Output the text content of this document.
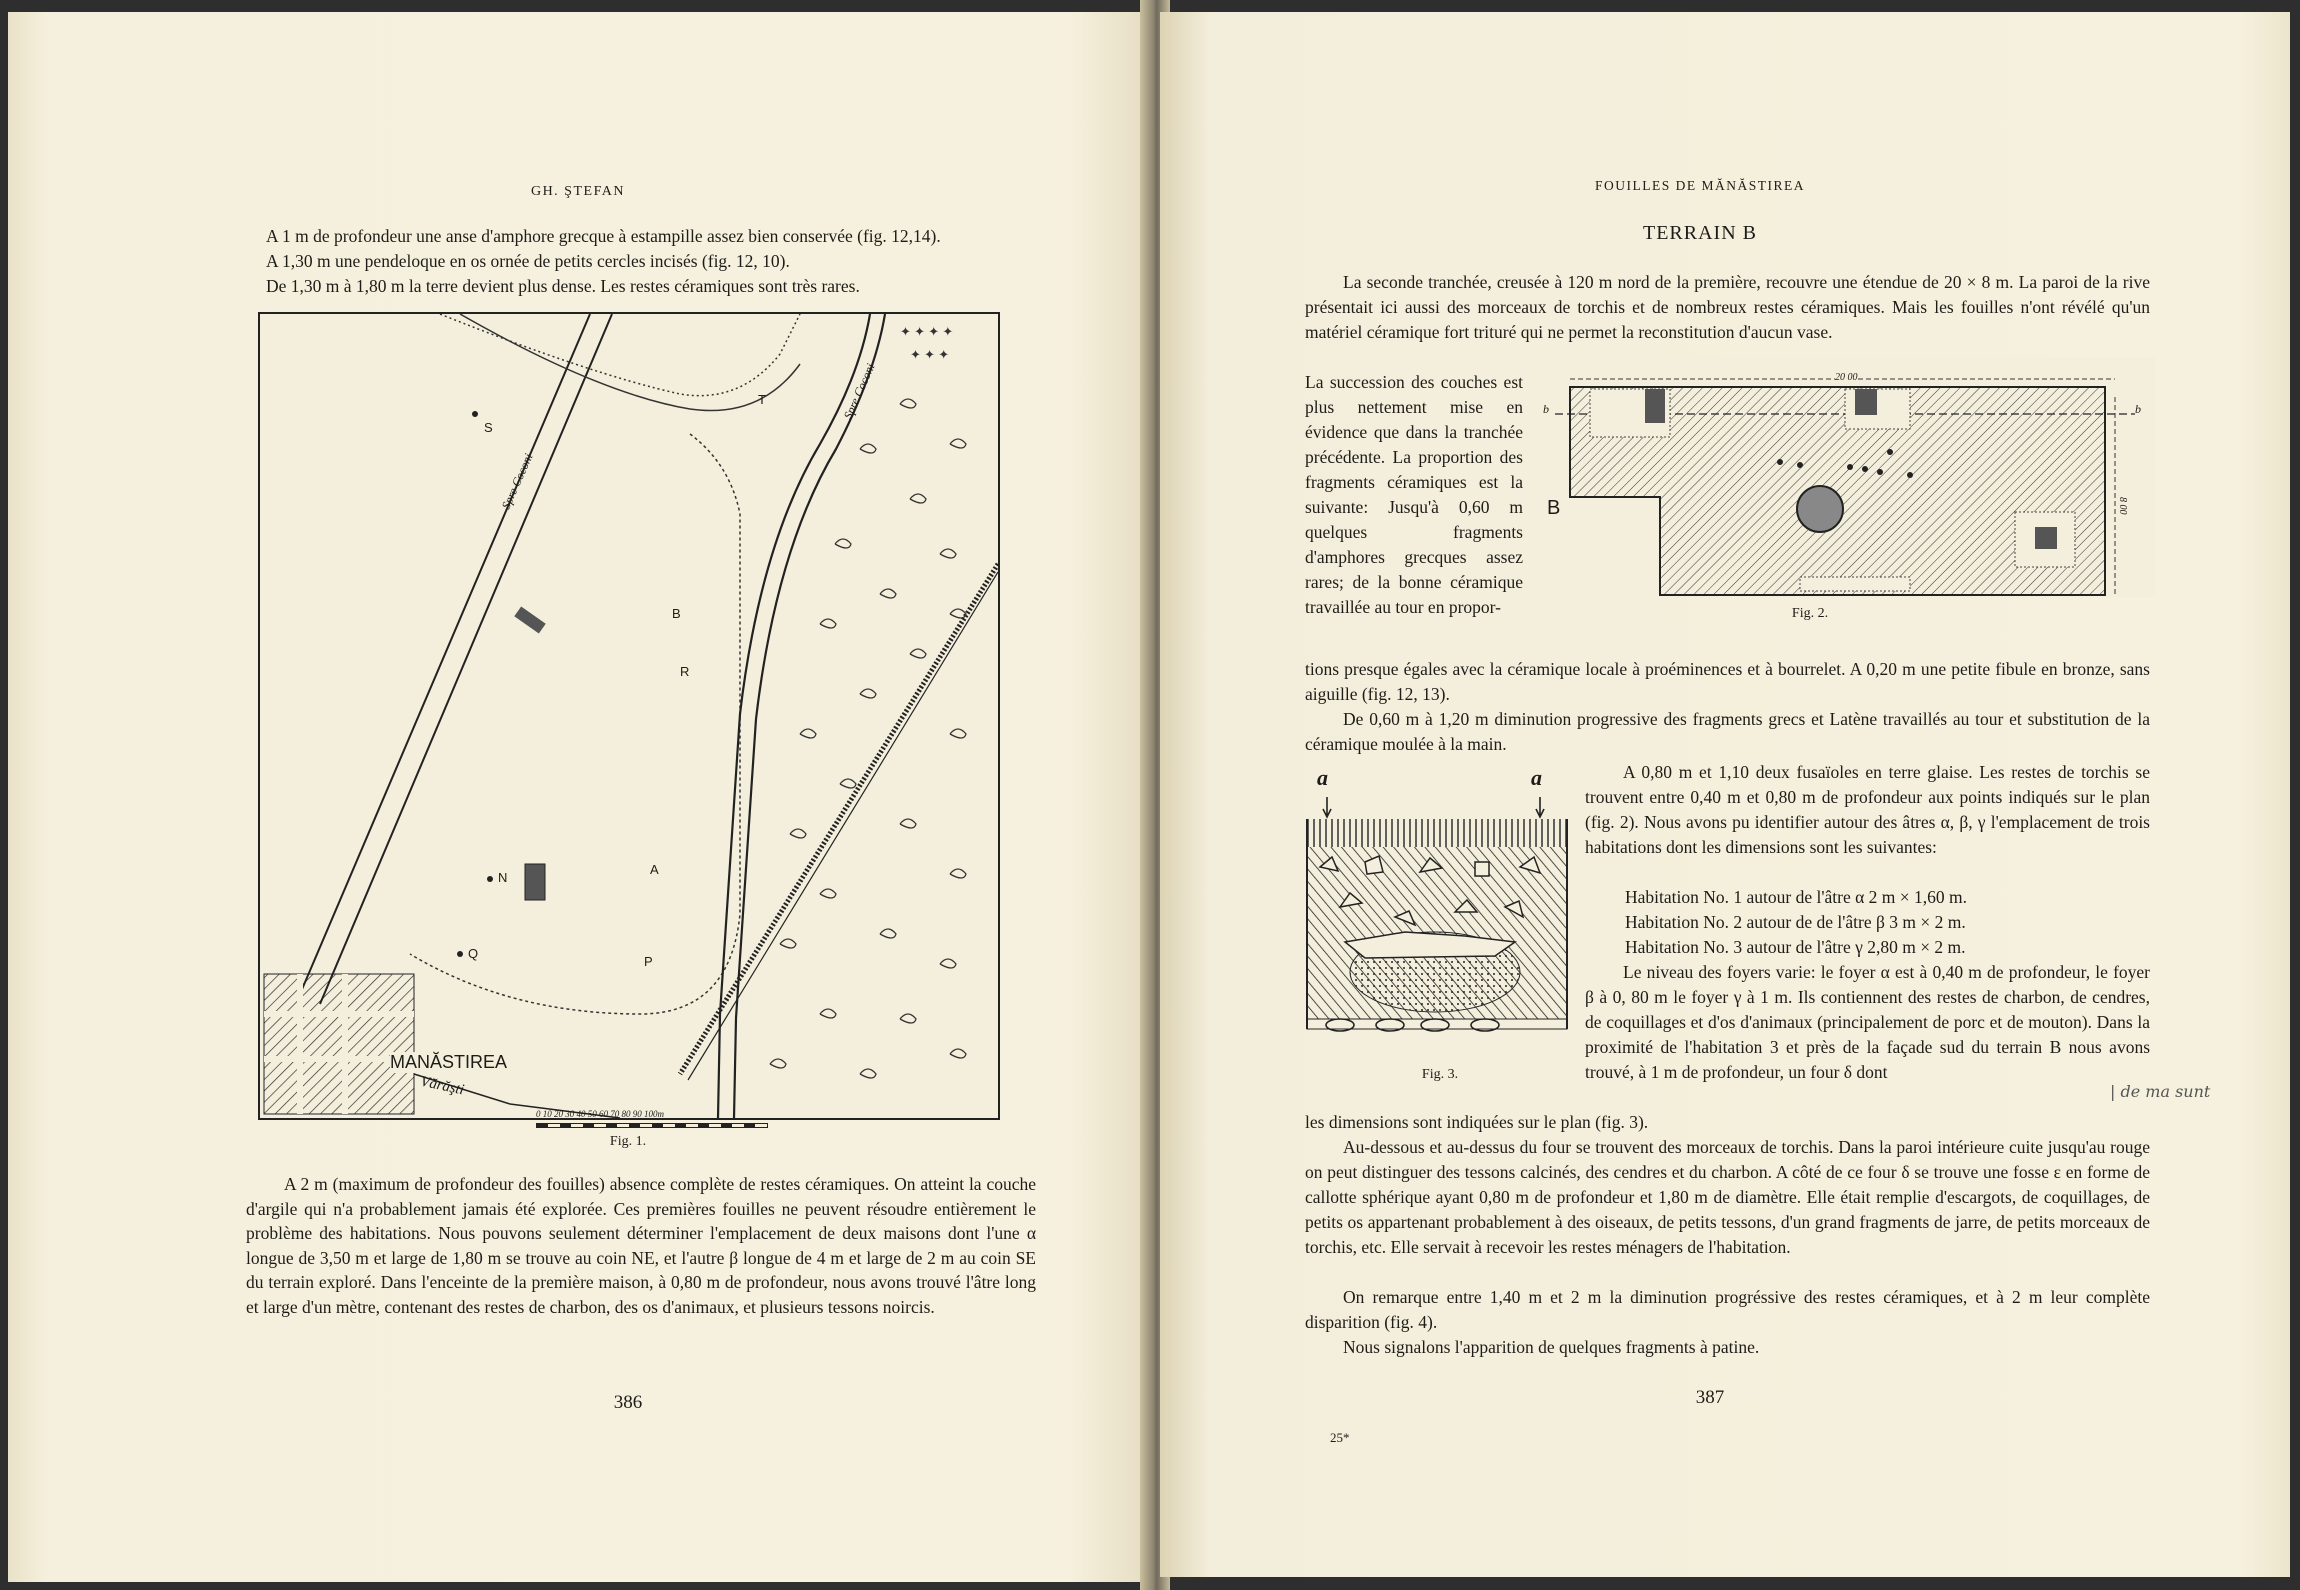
GH. ŞTEFAN

A 1 m de profondeur une anse d'amphore grecque à estampille assez bien conservée (fig. 12,14).

A 1,30 m une pendeloque en os ornée de petits cercles incisés (fig. 12, 10).

De 1,30 m à 1,80 m la terre devient plus dense. Les restes céramiques sont très rares.

✦ ✦ ✦ ✦
✦ ✦ ✦
MANĂSTIREA
Vărăşti
Spre Coconi
Spre Coconi
S
T
B
R
N
A
Q
P
0 10 20 30 40 50 60 70 80 90 100m
Fig. 1.
A 2 m (maximum de profondeur des fouilles) absence complète de restes céramiques. On atteint la couche d'argile qui n'a probablement jamais été explorée. Ces premières fouilles ne peuvent résoudre entièrement le problème des habitations. Nous pouvons seulement déterminer l'emplacement de deux maisons dont l'une α longue de 3,50 m et large de 1,80 m se trouve au coin NE, et l'autre β longue de 4 m et large de 2 m au coin SE du terrain exploré. Dans l'enceinte de la première maison, à 0,80 m de profondeur, nous avons trouvé l'âtre long et large d'un mètre, contenant des restes de charbon, des os d'animaux, et plusieurs tessons noircis.
386
FOUILLES DE MĂNĂSTIREA
TERRAIN B
La seconde tranchée, creusée à 120 m nord de la première, recouvre une étendue de 20 × 8 m. La paroi de la rive présentait ici aussi des morceaux de torchis et de nombreux restes céramiques. Mais les fouilles n'ont révélé qu'un matériel céramique fort trituré qui ne permet la reconstitution d'aucun vase.
La succession des couches est plus nettement mise en évidence que dans la tranchée précédente. La proportion des fragments céramiques est la suivante: Jusqu'à 0,60 m quelques fragments d'amphores grecques assez rares; de la bonne céramique travaillée au tour en propor-
20 00
8 00
B
b	b
Fig. 2.
tions presque égales avec la céramique locale à proéminences et à bourrelet. A 0,20 m une petite fibule en bronze, sans aiguille (fig. 12, 13).
De 0,60 m à 1,20 m diminution progressive des fragments grecs et Latène travaillés au tour et substitution de la céramique moulée à la main.
a	a
Fig. 3.
A 0,80 m et 1,10 deux fusaïoles en terre glaise. Les restes de torchis se trouvent entre 0,40 m et 0,80 m de profondeur aux points indiqués sur le plan (fig. 2). Nous avons pu identifier autour des âtres α, β, γ l'emplacement de trois habitations dont les dimensions sont les suivantes:

Habitation No. 1 autour de l'âtre α 2 m × 1,60 m.

Habitation No. 2 autour de de l'âtre β 3 m × 2 m.

Habitation No. 3 autour de l'âtre γ 2,80 m × 2 m.

Le niveau des foyers varie: le foyer α est à 0,40 m de profondeur, le foyer β à 0, 80 m le foyer γ à 1 m. Ils contiennent des restes de charbon, de cendres, de coquillages et d'os d'animaux (principalement de porc et de mouton). Dans la proximité de l'habitation 3 et près de la façade sud du terrain B nous avons trouvé, à 1 m de profondeur, un four δ dont
les dimensions sont indiquées sur le plan (fig. 3).
Au-dessous et au-dessus du four se trouvent des morceaux de torchis. Dans la paroi intérieure cuite jusqu'au rouge on peut distinguer des tessons calcinés, des cendres et du charbon. A côté de ce four δ se trouve une fosse ε en forme de callotte sphérique ayant 0,80 m de profondeur et 1,80 m de diamètre. Elle était remplie d'escargots, de coquillages, de petits os appartenant probablement à des oiseaux, de petits tessons, d'un grand fragments de jarre, de petits morceaux de torchis, etc. Elle servait à recevoir les restes ménagers de l'habitation.
On remarque entre 1,40 m et 2 m la diminution progréssive des restes céramiques, et à 2 m leur complète disparition (fig. 4).
Nous signalons l'apparition de quelques fragments à patine.
387
25*
| de ma sunt
